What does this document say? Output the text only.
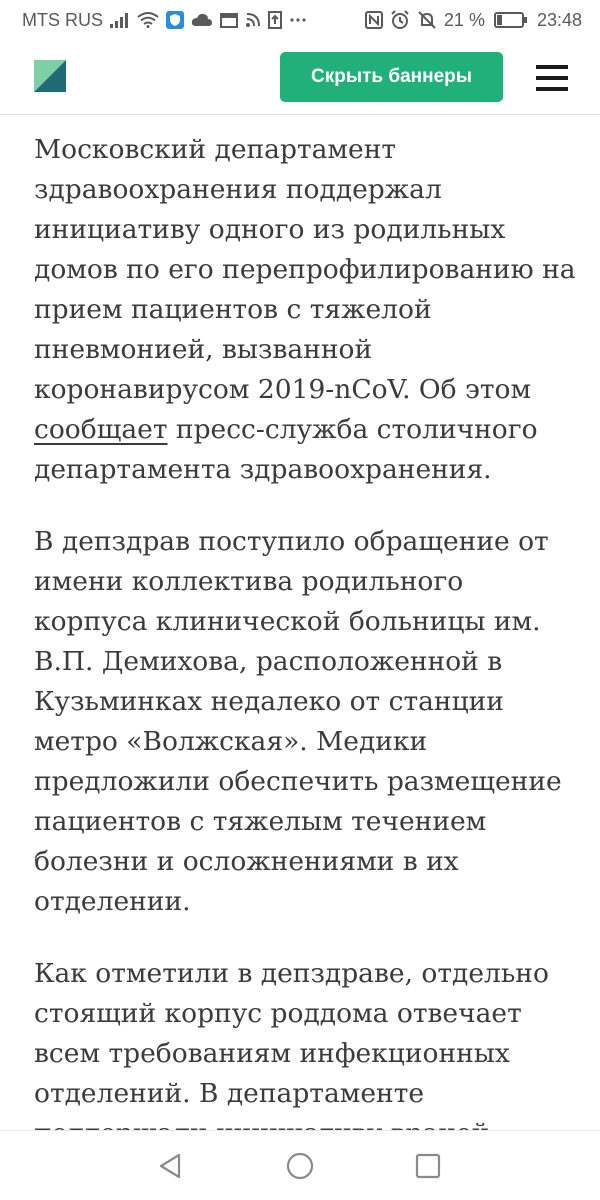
MTS RUS	21 %	23:48
Скрыть баннеры

Московский департамент
здравоохранения поддержал
инициативу одного из родильных
домов по его перепрофилированию на
прием пациентов с тяжелой
пневмонией, вызванной
коронавирусом 2019-nCoV. Об этом
сообщает пресс-служба столичного
департамента здравоохранения.

В депздрав поступило обращение от
имени коллектива родильного
корпуса клинической больницы им.
В.П. Демихова, расположенной в
Кузьминках недалеко от станции
метро «Волжская». Медики
предложили обеспечить размещение
пациентов с тяжелым течением
болезни и осложнениями в их
отделении.

Как отметили в депздраве, отдельно
стоящий корпус роддома отвечает
всем требованиям инфекционных
отделений. В департаменте
